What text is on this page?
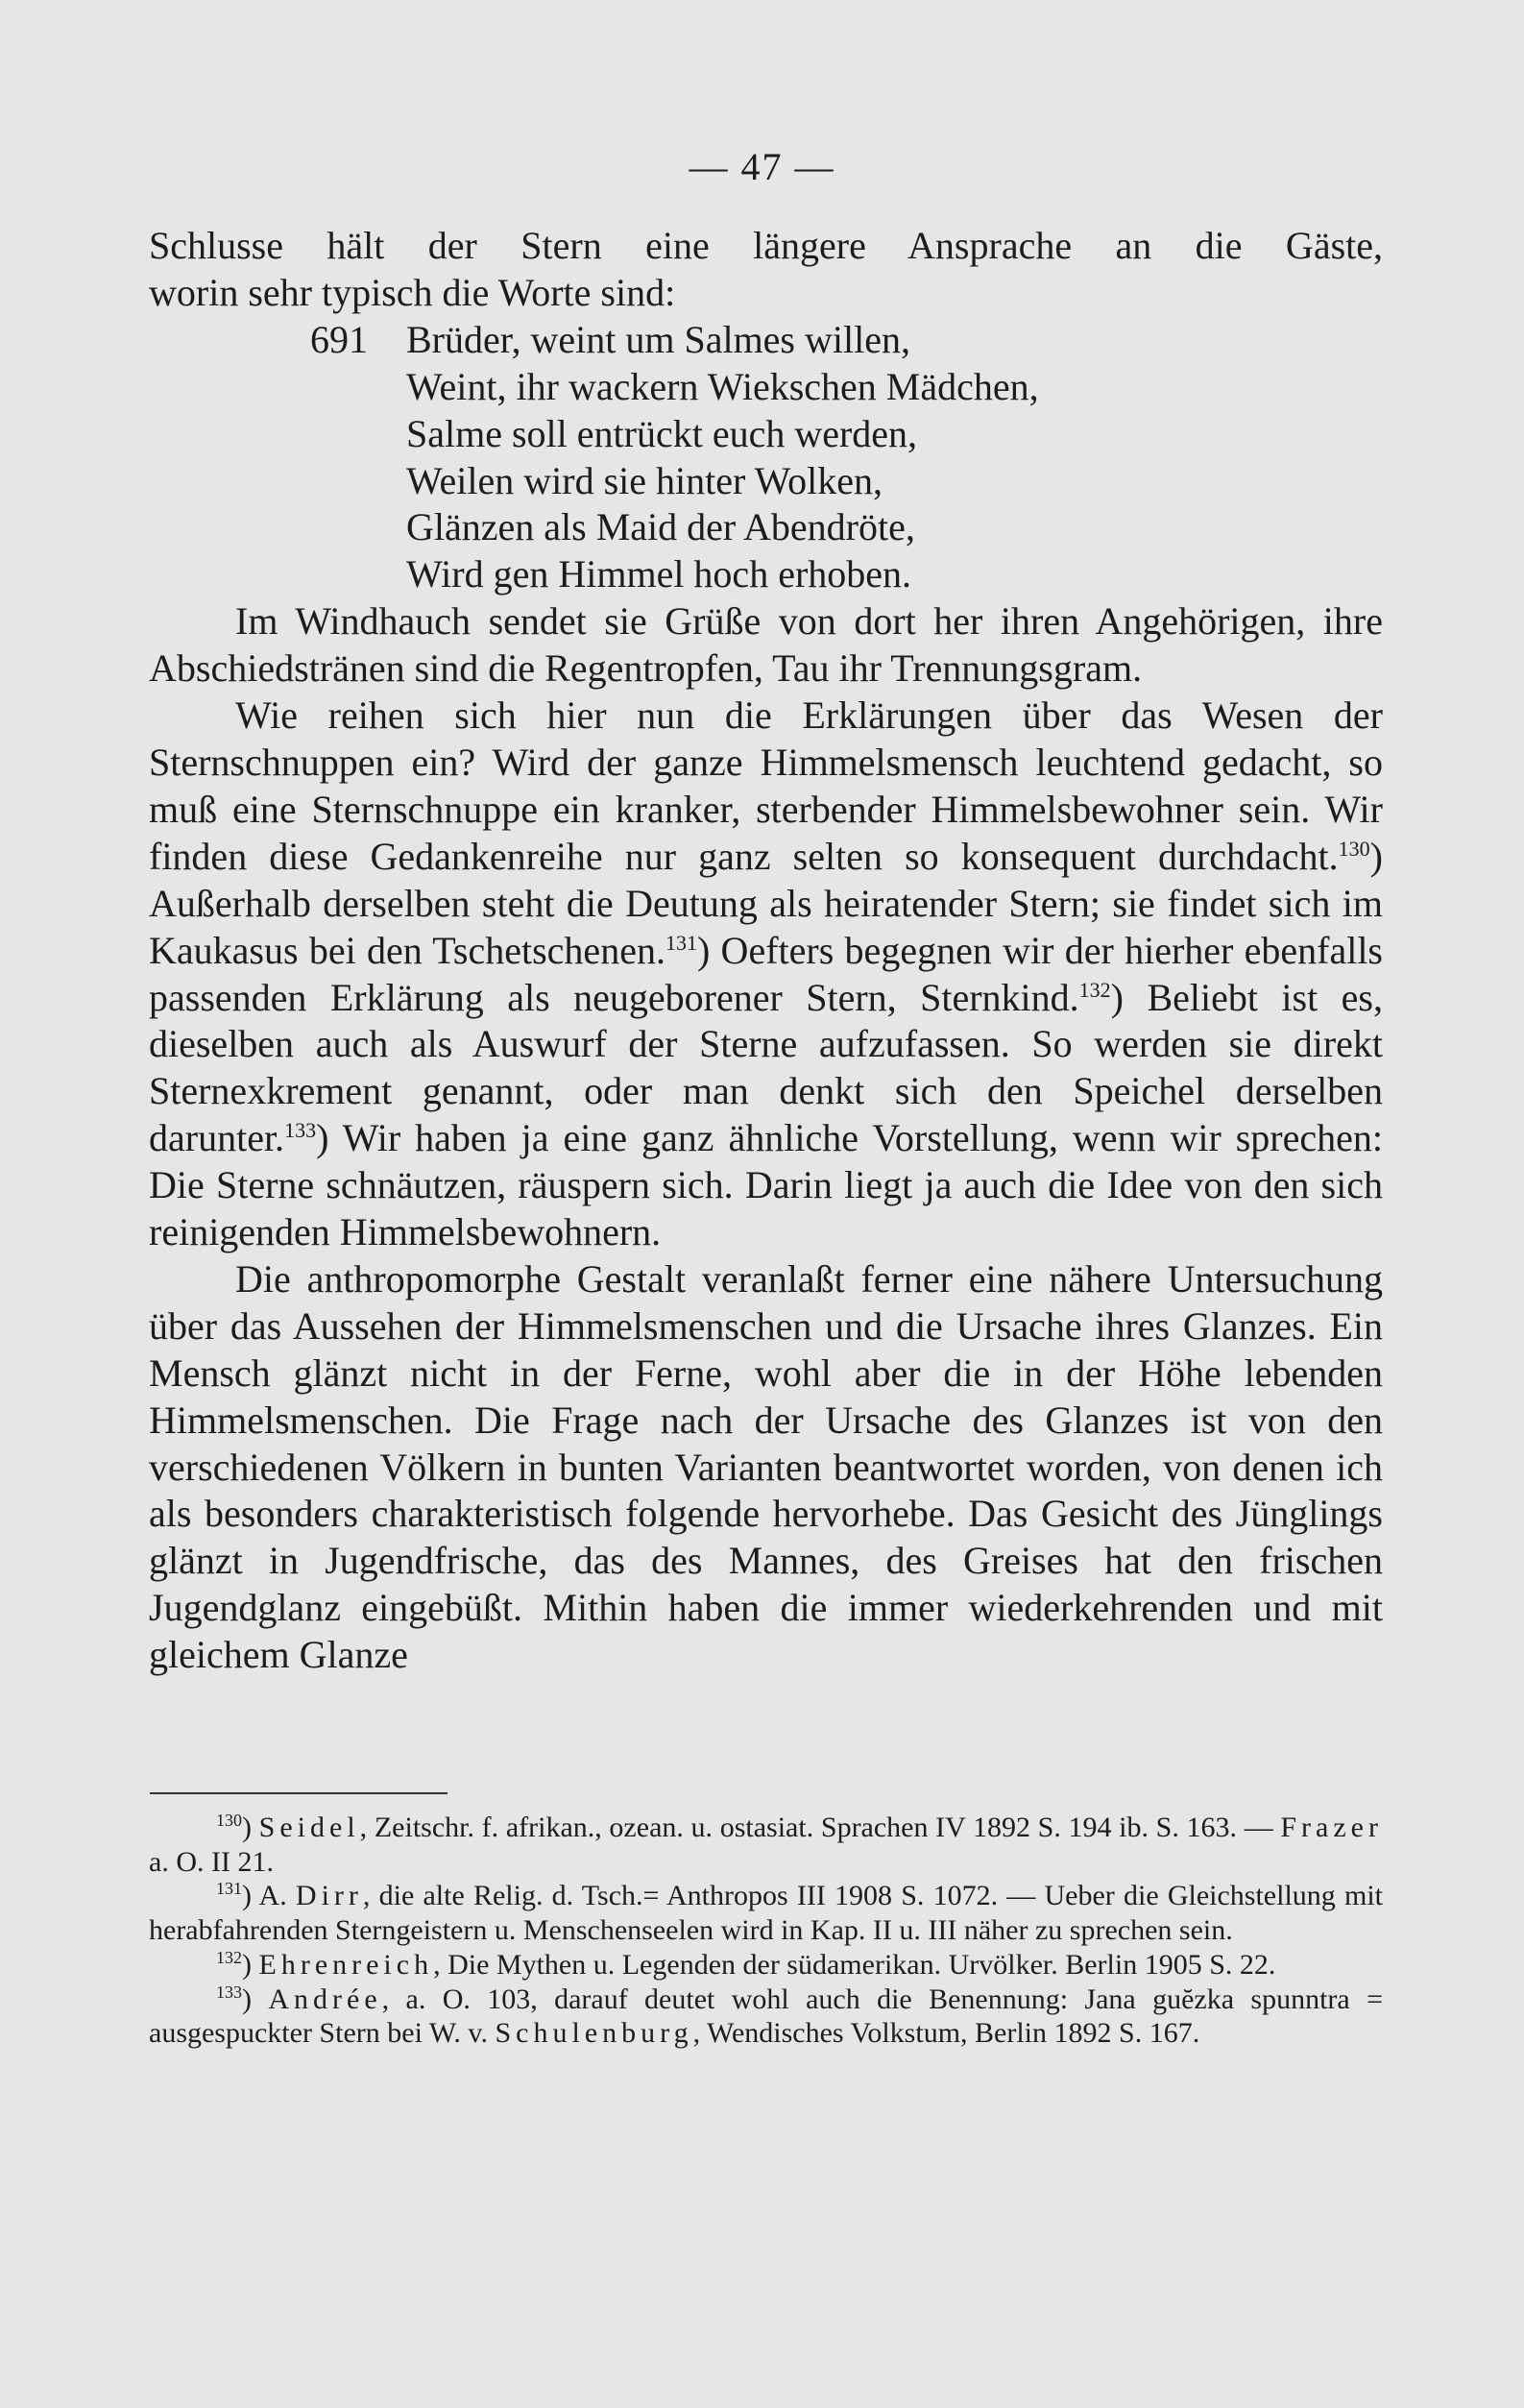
— 47 —

Schlusse hält der Stern eine längere Ansprache an die Gäste,

worin sehr typisch die Worte sind:

691 Brüder, weint um Salmes willen,
Weint, ihr wackern Wiekschen Mädchen,
Salme soll entrückt euch werden,
Weilen wird sie hinter Wolken,
Glänzen als Maid der Abendröte,
Wird gen Himmel hoch erhoben.

Im Windhauch sendet sie Grüße von dort her ihren Angehörigen, ihre Abschiedstränen sind die Regentropfen, Tau ihr Trennungsgram.

Wie reihen sich hier nun die Erklärungen über das Wesen der Sternschnuppen ein? Wird der ganze Himmelsmensch leuchtend gedacht, so muß eine Sternschnuppe ein kranker, sterbender Himmelsbewohner sein. Wir finden diese Gedankenreihe nur ganz selten so konsequent durchdacht.$^{130}$) Außerhalb derselben steht die Deutung als heiratender Stern; sie findet sich im Kaukasus bei den Tschetschenen.$^{131}$) Oefters begegnen wir der hierher ebenfalls passenden Erklärung als neugeborener Stern, Sternkind.$^{132}$) Beliebt ist es, dieselben auch als Auswurf der Sterne aufzufassen. So werden sie direkt Sternexkrement genannt, oder man denkt sich den Speichel derselben darunter.$^{133}$) Wir haben ja eine ganz ähnliche Vorstellung, wenn wir sprechen: Die Sterne schnäutzen, räuspern sich. Darin liegt ja auch die Idee von den sich reinigenden Himmelsbewohnern.

Die anthropomorphe Gestalt veranlaßt ferner eine nähere Untersuchung über das Aussehen der Himmelsmenschen und die Ursache ihres Glanzes. Ein Mensch glänzt nicht in der Ferne, wohl aber die in der Höhe lebenden Himmelsmenschen. Die Frage nach der Ursache des Glanzes ist von den verschiedenen Völkern in bunten Varianten beantwortet worden, von denen ich als besonders charakteristisch folgende hervorhebe. Das Gesicht des Jünglings glänzt in Jugendfrische, das des Mannes, des Greises hat den frischen Jugendglanz eingebüßt. Mithin haben die immer wiederkehrenden und mit gleichem Glanze

$^{130}$) Seidel, Zeitschr. f. afrikan., ozean. u. ostasiat. Sprachen IV 1892 S. 194 ib. S. 163. — Frazer a. O. II 21.

$^{131}$) A. Dirr, die alte Relig. d. Tsch.= Anthropos III 1908 S. 1072. — Ueber die Gleichstellung mit herabfahrenden Sterngeistern u. Menschenseelen wird in Kap. II u. III näher zu sprechen sein.

$^{132}$) Ehrenreich, Die Mythen u. Legenden der südamerikan. Urvölker. Berlin 1905 S. 22.

$^{133}$) Andrée, a. O. 103, darauf deutet wohl auch die Benennung: Jana guĕzka spunntra = ausgespuckter Stern bei W. v. Schulenburg, Wendisches Volkstum, Berlin 1892 S. 167.
